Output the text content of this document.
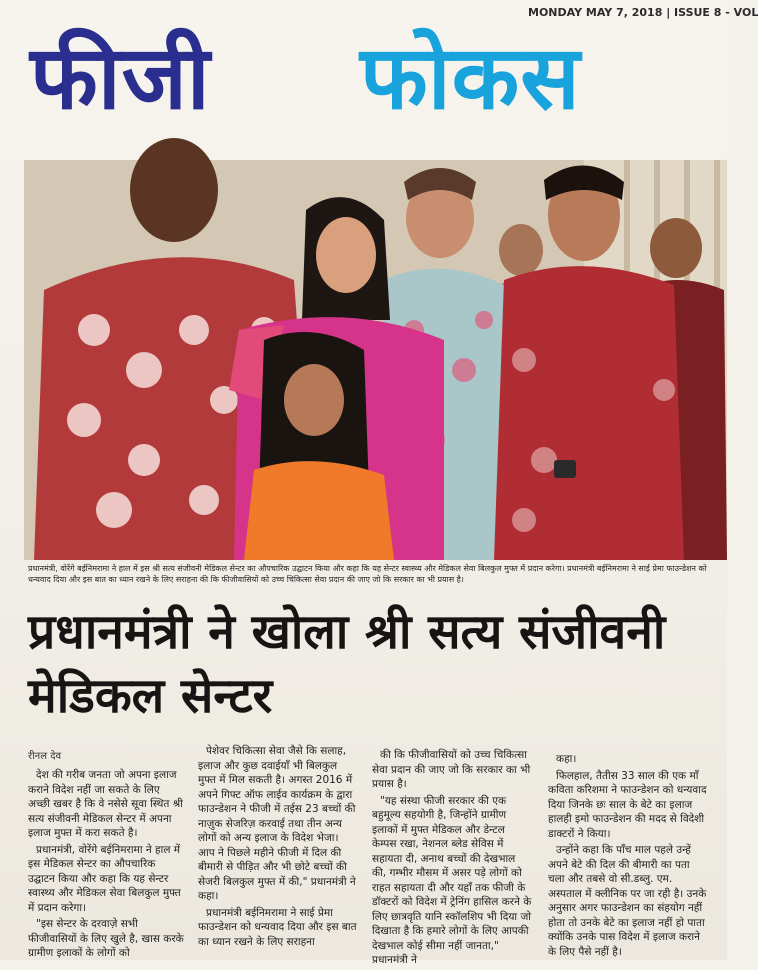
MONDAY MAY 7, 2018 | ISSUE 8 - VOL
फीजी फोकस
प्रधानमंत्री, वोरेंगे बईनिमरामा ने हाल में इस श्री सत्य संजीवनी मेडिकल सेन्टर का औपचारिक उद्घाटन किया और कहा कि यह सेन्टर स्वास्थ्य और मेडिकल सेवा बिलकुल मुफ्त में प्रदान करेगा। प्रधानमंत्री बईनिमरामा ने साई प्रेमा फाउन्डेशन को धन्यवाद दिया और इस बात का ध्यान रखने के लिए सराहना की कि फीजीवासियों को उच्च चिकित्सा सेवा प्रदान की जाए जो कि सरकार का भी प्रयास है।
प्रधानमंत्री ने खोला श्री सत्य संजीवनी मेडिकल सेन्टर
रीनल देव

देश की गरीब जनता जो अपना इलाज कराने विदेश नहीं जा सकते के लिए अच्छी खबर है कि वे नसेसे सूवा स्थित श्री सत्य संजीवनी मेडिकल सेन्टर में अपना इलाज मुफ्त में करा सकते है।

प्रधानमंत्री, वोरेंगे बईनिमरामा ने हाल में इस मेडिकल सेन्टर का औपचारिक उद्घाटन किया और कहा कि यह सेन्टर स्वास्थ्य और मेडिकल सेवा बिलकुल मुफ्त में प्रदान करेगा।

"इस सेन्टर के दरवाज़े सभी फीजीवासियों के लिए खुले है, खास करके ग्रामीण इलाकों के लोगों को

पेशेवर चिकित्सा सेवा जैसे कि सलाह, इलाज और कुछ दवाईयाँ भी बिलकुल मुफ्त में मिल सकती है। अगस्त 2016 में अपने गिफ्ट ऑफ लाईव कार्यक्रम के द्वारा फाउन्डेशन ने फीजी में तईस 23 बच्चों की नाज़ुक सेजरिज़ करवाई तथा तीन अन्य लोगों को अन्य इलाज के विदेश भेजा। आप ने पिछले महीने फीजी में दिल की बीमारी से पीड़ित और भी छोटे बच्चों की सेजरी बिलकुल मुफ्त में की," प्रधानमंत्री ने कहा।

प्रधानमंत्री बईनिमरामा ने साई प्रेमा फाउन्डेशन को धन्यवाद दिया और इस बात का ध्यान रखने के लिए सराहना

की कि फीजीवासियों को उच्च चिकित्सा सेवा प्रदान की जाए जो कि सरकार का भी प्रयास है।

"यह संस्था फीजी सरकार की एक बहुमूल्य सहयोगी है, जिन्होंने ग्रामीण इलाकों में मुफ्त मेडिकल और डेन्टल केम्पस रखा, नेशनल ब्लेड सेविस में सहायता दी, अनाथ बच्चों की देखभाल की, गम्भीर मौसम में असर पड़े लोगों को राहत सहायता दी और यहाँ तक फीजी के डॉक्टरों को विदेश में ट्रेनिंग हासिल करने के लिए छात्रवृति यानि स्कॉलशिप भी दिया जो दिखाता है कि हमारे लोगों के लिए आपकी देखभाल कोई सीमा नहीं जानता," प्रधानमंत्री ने

कहा।

फिलहाल, तैतीस 33 साल की एक माँ कविता करिशमा ने फाउन्डेशन को धन्यवाद दिया जिनके छः साल के बेटे का इलाज हालही इमो फाउन्डेशन की मदद से विदेशी डाक्टरों ने किया।

उन्होंने कहा कि पाँच माल पहले उन्हें अपने बेटे की दिल की बीमारी का पता चला और तबसे वो सी.डब्लु. एम. अस्पताल में क्लीनिक पर जा रही है। उनके अनुसार अगर फाउन्डेशन का संहयोग नहीं होता तो उनके बेटे का इलाज नहीं हो पाता क्योंकि उनके पास विदेश में इलाज कराने के लिए पैसे नहीं है।
